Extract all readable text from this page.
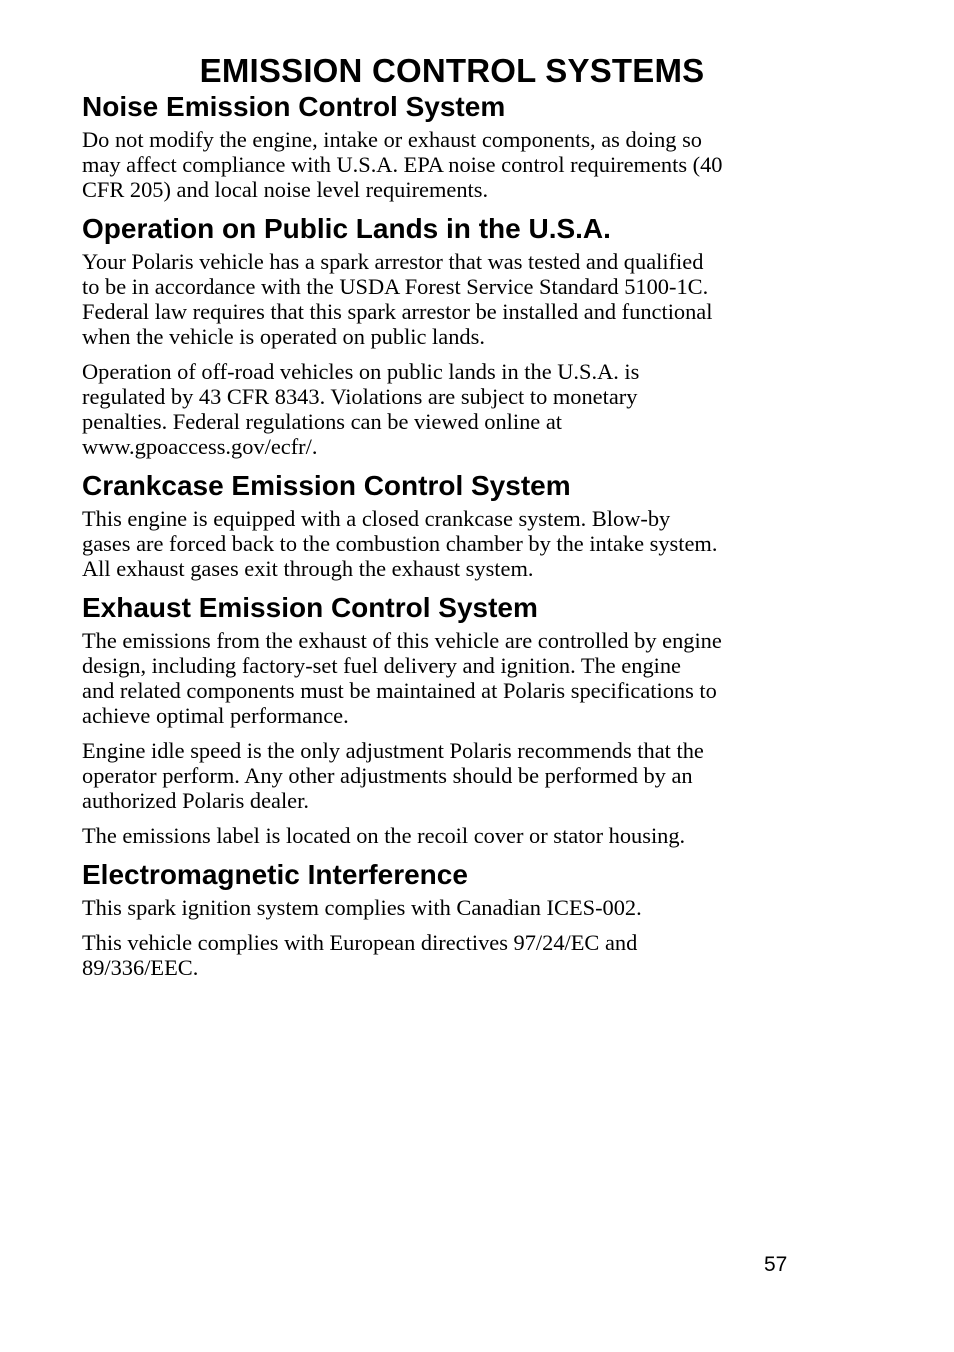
EMISSION CONTROL SYSTEMS
Noise Emission Control System

Do not modify the engine, intake or exhaust components, as doing so
may affect compliance with U.S.A. EPA noise control requirements (40
CFR 205) and local noise level requirements.

Operation on Public Lands in the U.S.A.

Your Polaris vehicle has a spark arrestor that was tested and qualified
to be in accordance with the USDA Forest Service Standard 5100-1C.
Federal law requires that this spark arrestor be installed and functional
when the vehicle is operated on public lands.

Operation of off-road vehicles on public lands in the U.S.A. is
regulated by 43 CFR 8343. Violations are subject to monetary
penalties. Federal regulations can be viewed online at
www.gpoaccess.gov/ecfr/.

Crankcase Emission Control System

This engine is equipped with a closed crankcase system. Blow-by
gases are forced back to the combustion chamber by the intake system.
All exhaust gases exit through the exhaust system.

Exhaust Emission Control System

The emissions from the exhaust of this vehicle are controlled by engine
design, including factory-set fuel delivery and ignition. The engine
and related components must be maintained at Polaris specifications to
achieve optimal performance.

Engine idle speed is the only adjustment Polaris recommends that the
operator perform. Any other adjustments should be performed by an
authorized Polaris dealer.

The emissions label is located on the recoil cover or stator housing.

Electromagnetic Interference

This spark ignition system complies with Canadian ICES-002.

This vehicle complies with European directives 97/24/EC and
89/336/EEC.

57
